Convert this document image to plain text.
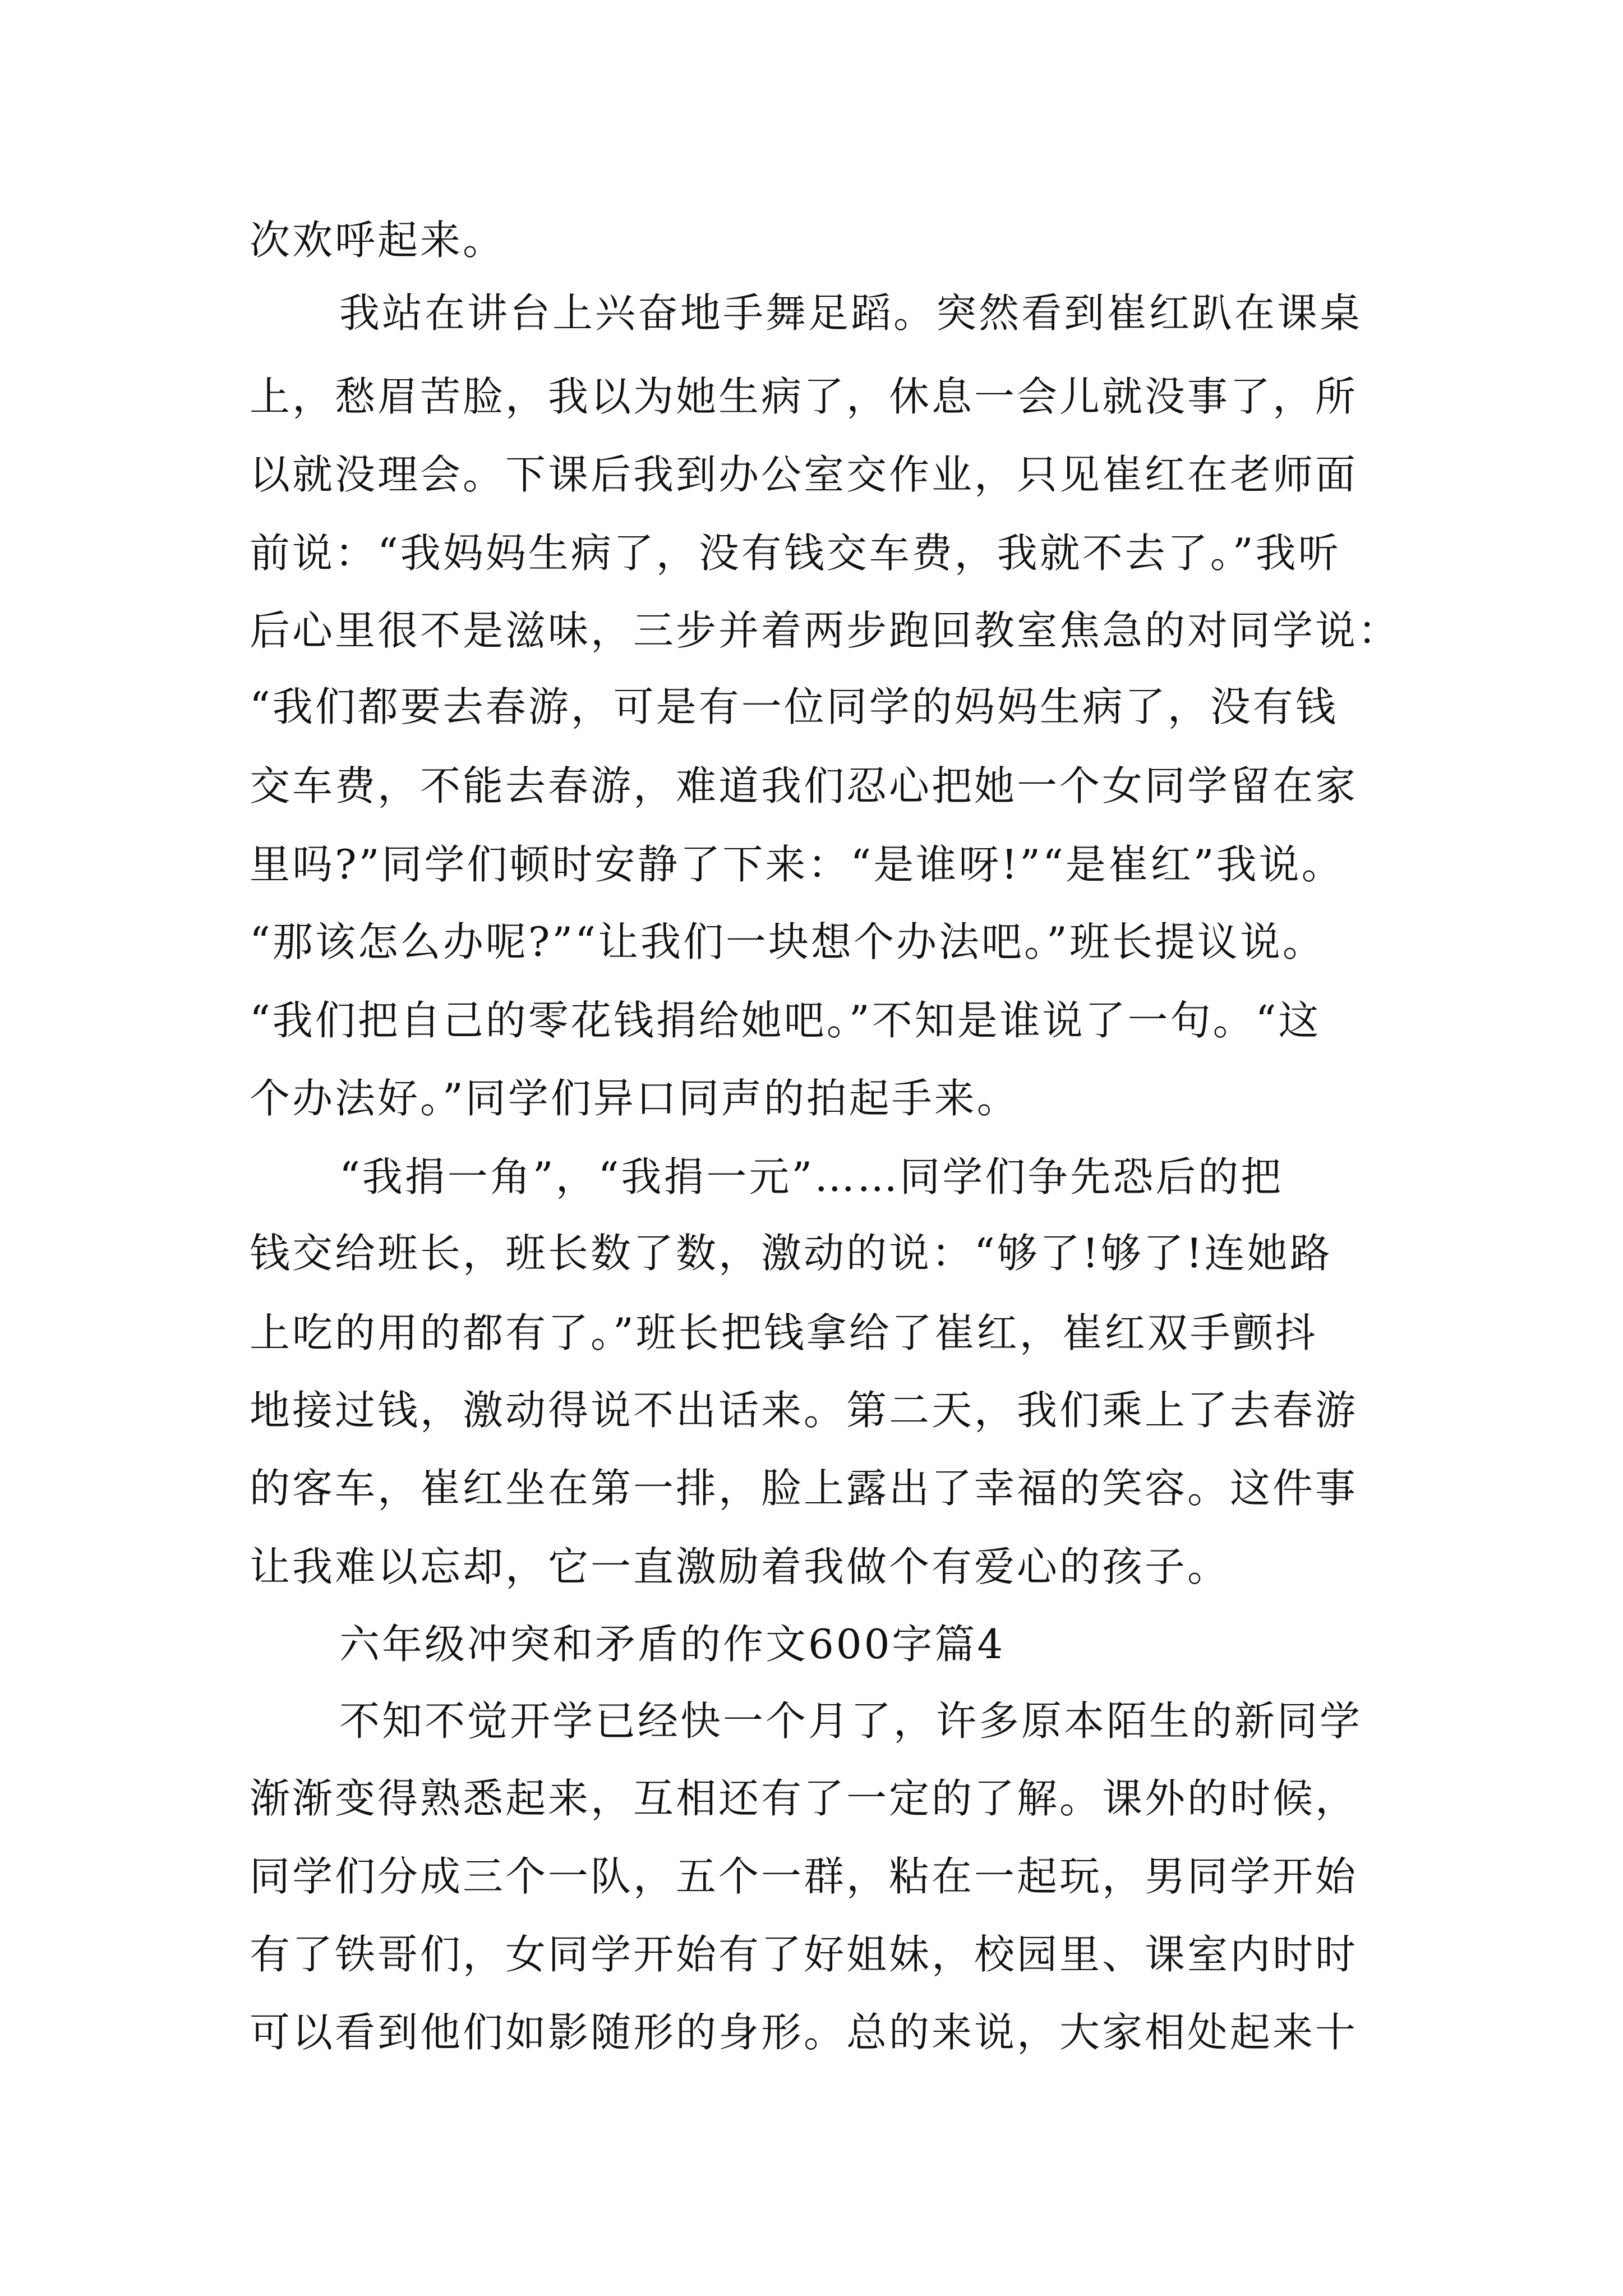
次欢呼起来。

我站在讲台上兴奋地手舞足蹈。突然看到崔红趴在课桌

上，愁眉苦脸，我以为她生病了，休息一会儿就没事了，所

以就没理会。下课后我到办公室交作业，只见崔红在老师面

前说：“我妈妈生病了，没有钱交车费，我就不去了。”我听

后心里很不是滋味，三步并着两步跑回教室焦急的对同学说：

“我们都要去春游，可是有一位同学的妈妈生病了，没有钱

交车费，不能去春游，难道我们忍心把她一个女同学留在家

里吗?”同学们顿时安静了下来：“是谁呀!”“是崔红”我说。

“那该怎么办呢?”“让我们一块想个办法吧。”班长提议说。

“我们把自己的零花钱捐给她吧。”不知是谁说了一句。“这

个办法好。”同学们异口同声的拍起手来。

“我捐一角”，“我捐一元”……同学们争先恐后的把

钱交给班长，班长数了数，激动的说：“够了!够了!连她路

上吃的用的都有了。”班长把钱拿给了崔红，崔红双手颤抖

地接过钱，激动得说不出话来。第二天，我们乘上了去春游

的客车，崔红坐在第一排，脸上露出了幸福的笑容。这件事

让我难以忘却，它一直激励着我做个有爱心的孩子。

六年级冲突和矛盾的作文600字篇4

不知不觉开学已经快一个月了，许多原本陌生的新同学

渐渐变得熟悉起来，互相还有了一定的了解。课外的时候，

同学们分成三个一队，五个一群，粘在一起玩，男同学开始

有了铁哥们，女同学开始有了好姐妹，校园里、课室内时时

可以看到他们如影随形的身形。总的来说，大家相处起来十
